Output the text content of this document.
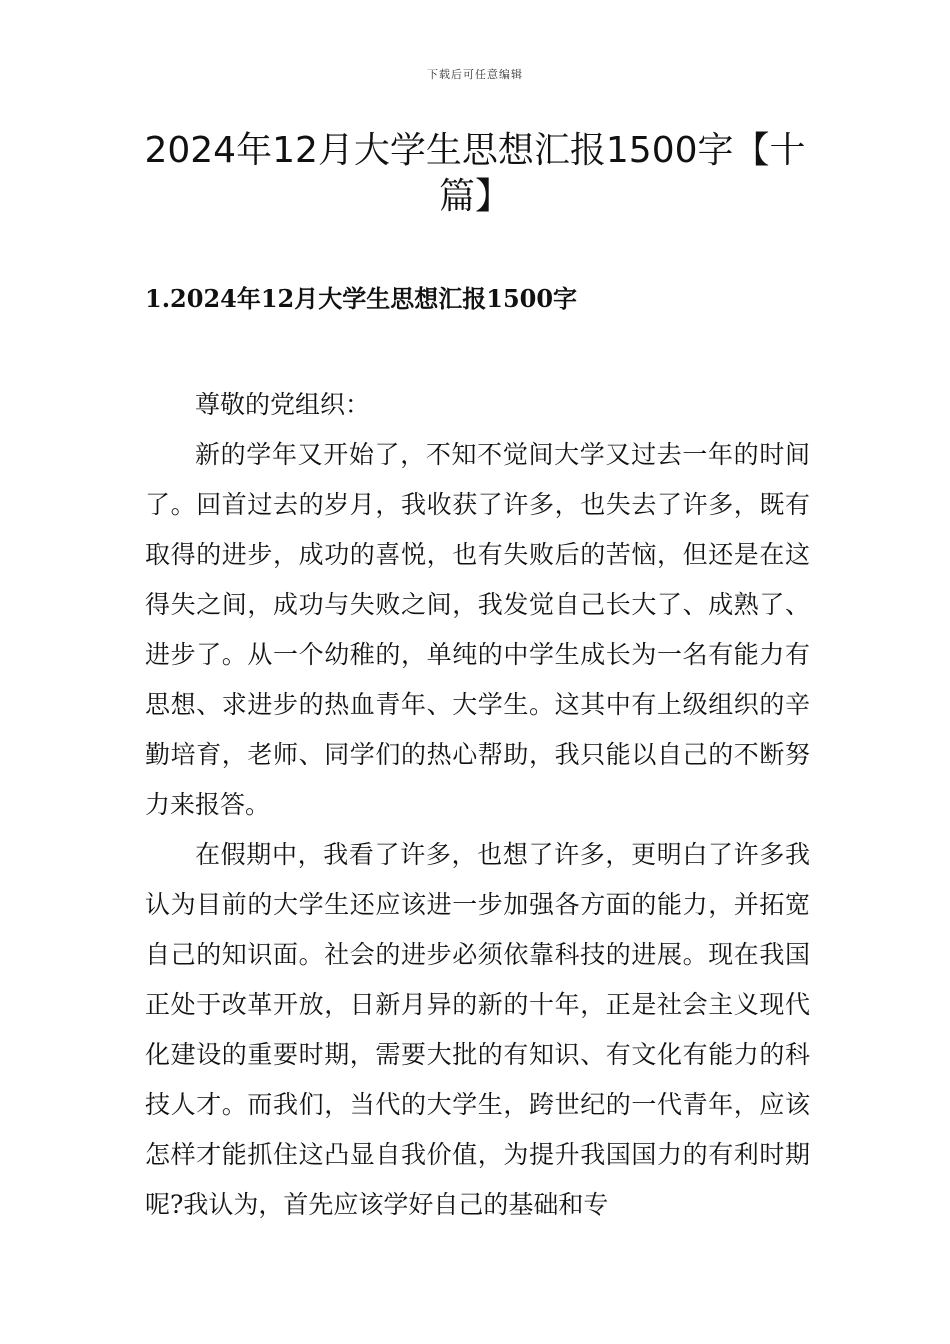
下载后可任意编辑
2024年12月大学生思想汇报1500字【十篇】
1.2024年12月大学生思想汇报1500字

尊敬的党组织：

新的学年又开始了，不知不觉间大学又过去一年的时间了。回首过去的岁月，我收获了许多，也失去了许多，既有取得的进步，成功的喜悦，也有失败后的苦恼，但还是在这得失之间，成功与失败之间，我发觉自己长大了、成熟了、进步了。从一个幼稚的，单纯的中学生成长为一名有能力有思想、求进步的热血青年、大学生。这其中有上级组织的辛勤培育，老师、同学们的热心帮助，我只能以自己的不断努力来报答。

在假期中，我看了许多，也想了许多，更明白了许多我认为目前的大学生还应该进一步加强各方面的能力，并拓宽自己的知识面。社会的进步必须依靠科技的进展。现在我国正处于改革开放，日新月异的新的十年，正是社会主义现代化建设的重要时期，需要大批的有知识、有文化有能力的科技人才。而我们，当代的大学生，跨世纪的一代青年，应该怎样才能抓住这凸显自我价值，为提升我国国力的有利时期呢?我认为，首先应该学好自己的基础和专
